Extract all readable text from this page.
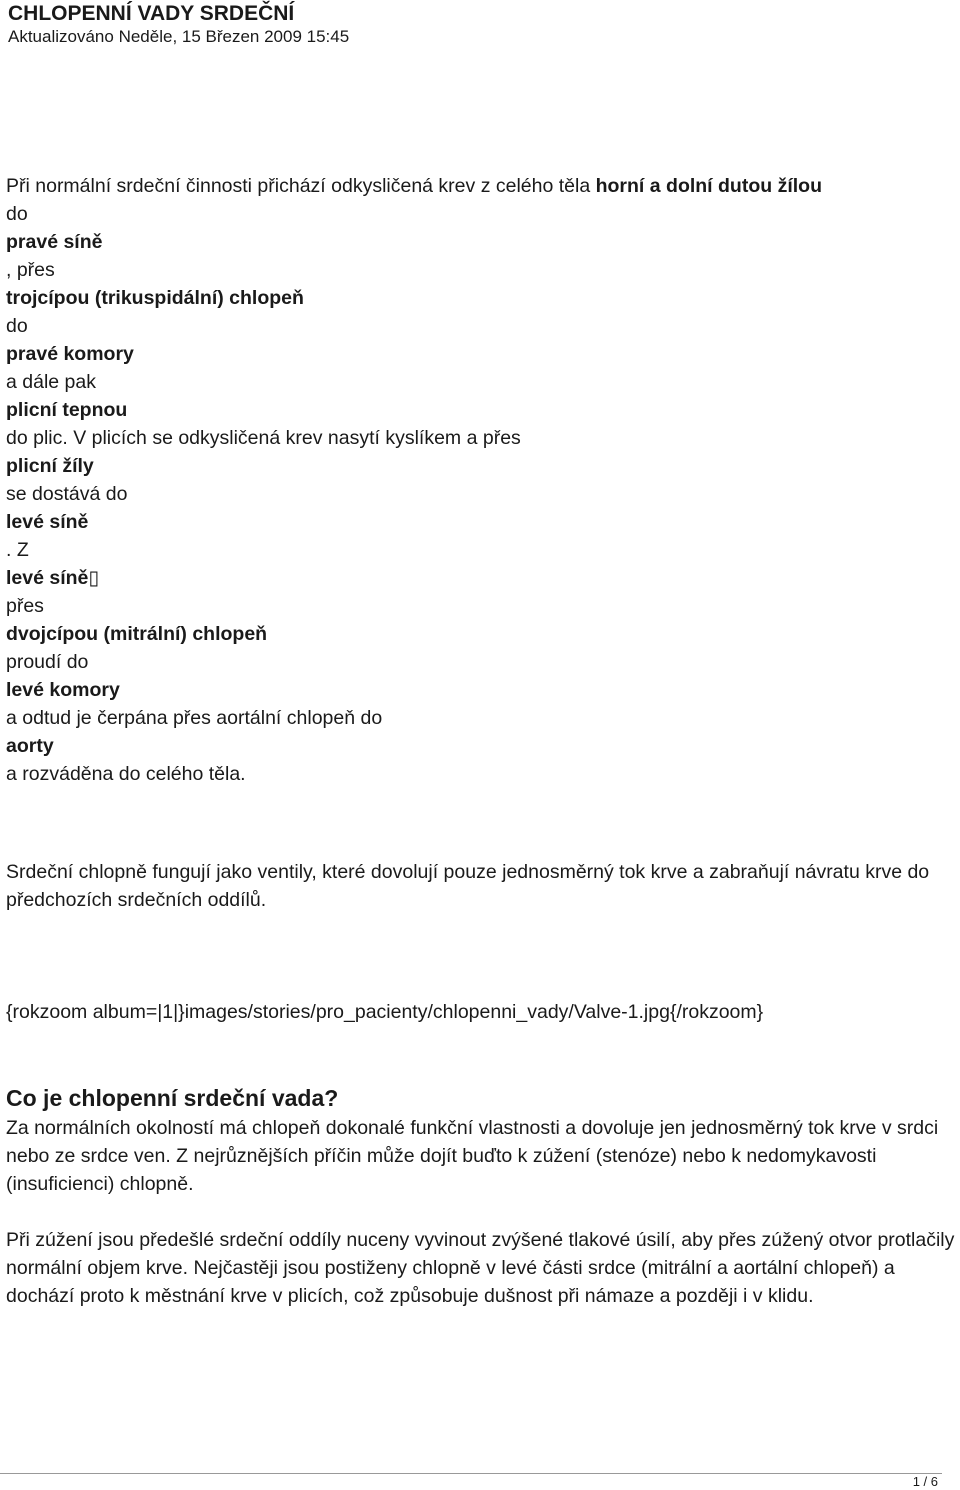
CHLOPENNÍ VADY SRDEČNÍ

Aktualizováno Neděle, 15 Březen 2009 15:45

Při normální srdeční činnosti přichází odkysličená krev z celého těla horní a dolní dutou žílou
do
pravé síně
, přes
trojcípou (trikuspidální) chlopeň
do
pravé komory
a dále pak
plicní tepnou
do plic. V plicích se odkysličená krev nasytí kyslíkem a přes
plicní žíly
se dostává do
levé síně
. Z
levé síně▯
přes
dvojcípou (mitrální) chlopeň
proudí do
levé komory
a odtud je čerpána přes aortální chlopeň do
aorty
a rozváděna do celého těla.

Srdeční chlopně fungují jako ventily, které dovolují pouze jednosměrný tok krve a zabraňují návratu krve do předchozích srdečních oddílů.

{rokzoom album=|1|}images/stories/pro_pacienty/chlopenni_vady/Valve-1.jpg{/rokzoom}

Co je chlopenní srdeční vada?

Za normálních okolností má chlopeň dokonalé funkční vlastnosti a dovoluje jen jednosměrný tok krve v srdci nebo ze srdce ven. Z nejrůznějších příčin může dojít buďto k zúžení (stenóze) nebo k nedomykavosti (insuficienci) chlopně.

Při zúžení jsou předešlé srdeční oddíly nuceny vyvinout zvýšené tlakové úsilí, aby přes zúžený otvor protlačily normální objem krve. Nejčastěji jsou postiženy chlopně v levé části srdce (mitrální a aortální chlopeň) a dochází proto k městnání krve v plicích, což způsobuje dušnost při námaze a později i v klidu.

1 / 6
